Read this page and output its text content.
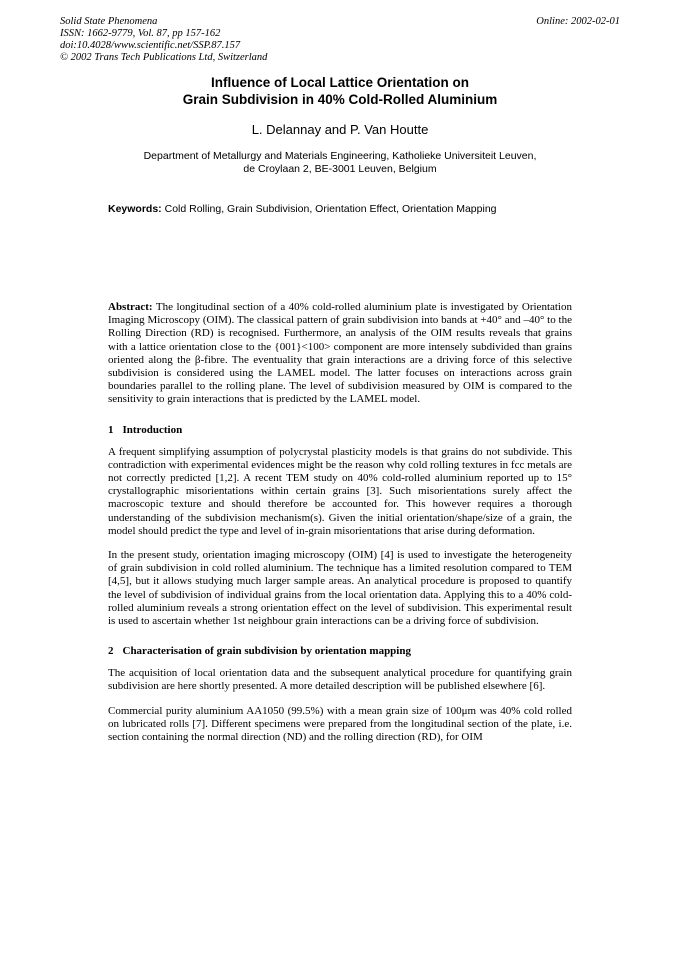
Solid State Phenomena
ISSN: 1662-9779, Vol. 87, pp 157-162
doi:10.4028/www.scientific.net/SSP.87.157
© 2002 Trans Tech Publications Ltd, Switzerland
Online: 2002-02-01
Influence of Local Lattice Orientation on
Grain Subdivision in 40% Cold-Rolled Aluminium
L. Delannay and P. Van Houtte
Department of Metallurgy and Materials Engineering, Katholieke Universiteit Leuven,
de Croylaan 2, BE-3001 Leuven, Belgium
Keywords: Cold Rolling, Grain Subdivision, Orientation Effect, Orientation Mapping

Abstract: The longitudinal section of a 40% cold-rolled aluminium plate is investigated by Orientation Imaging Microscopy (OIM). The classical pattern of grain subdivision into bands at +40° and –40° to the Rolling Direction (RD) is recognised. Furthermore, an analysis of the OIM results reveals that grains with a lattice orientation close to the {001}<100> component are more intensely subdivided than grains oriented along the β-fibre. The eventuality that grain interactions are a driving force of this selective subdivision is considered using the LAMEL model. The latter focuses on interactions across grain boundaries parallel to the rolling plane. The level of subdivision measured by OIM is compared to the sensitivity to grain interactions that is predicted by the LAMEL model.

1 Introduction

A frequent simplifying assumption of polycrystal plasticity models is that grains do not subdivide. This contradiction with experimental evidences might be the reason why cold rolling textures in fcc metals are not correctly predicted [1,2]. A recent TEM study on 40% cold-rolled aluminium reported up to 15° crystallographic misorientations within certain grains [3]. Such misorientations surely affect the macroscopic texture and should therefore be accounted for. This however requires a thorough understanding of the subdivision mechanism(s). Given the initial orientation/shape/size of a grain, the model should predict the type and level of in-grain misorientations that arise during deformation.

In the present study, orientation imaging microscopy (OIM) [4] is used to investigate the heterogeneity of grain subdivision in cold rolled aluminium. The technique has a limited resolution compared to TEM [4,5], but it allows studying much larger sample areas. An analytical procedure is proposed to quantify the level of subdivision of individual grains from the local orientation data. Applying this to a 40% cold-rolled aluminium reveals a strong orientation effect on the level of subdivision. This experimental result is used to ascertain whether 1st neighbour grain interactions can be a driving force of subdivision.

2 Characterisation of grain subdivision by orientation mapping

The acquisition of local orientation data and the subsequent analytical procedure for quantifying grain subdivision are here shortly presented. A more detailed description will be published elsewhere [6].

Commercial purity aluminium AA1050 (99.5%) with a mean grain size of 100μm was 40% cold rolled on lubricated rolls [7]. Different specimens were prepared from the longitudinal section of the plate, i.e. section containing the normal direction (ND) and the rolling direction (RD), for OIM
